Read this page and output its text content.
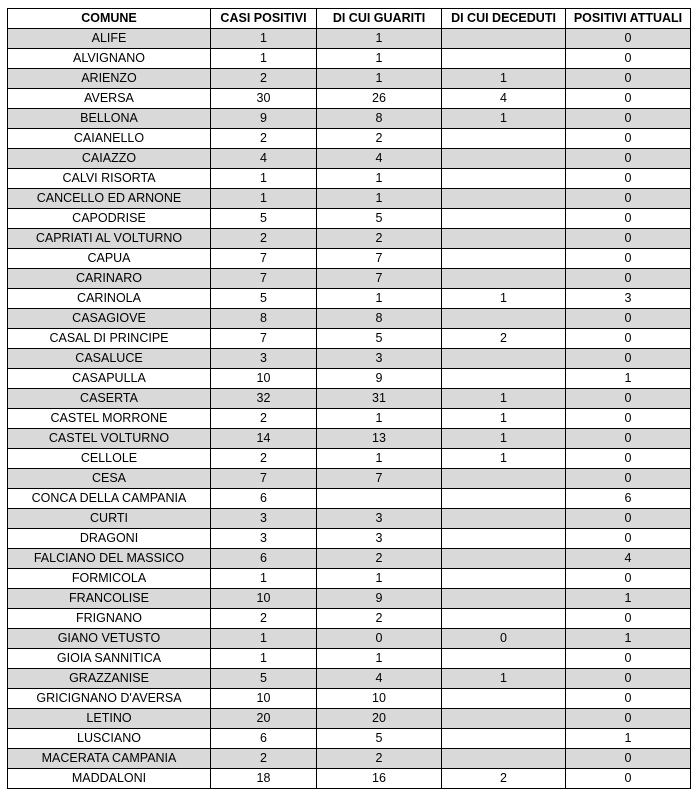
COMUNE	CASI POSITIVI	DI CUI GUARITI	DI CUI DECEDUTI	POSITIVI ATTUALI
ALIFE	1	1		0
ALVIGNANO	1	1		0
ARIENZO	2	1	1	0
AVERSA	30	26	4	0
BELLONA	9	8	1	0
CAIANELLO	2	2		0
CAIAZZO	4	4		0
CALVI RISORTA	1	1		0
CANCELLO ED ARNONE	1	1		0
CAPODRISE	5	5		0
CAPRIATI AL VOLTURNO	2	2		0
CAPUA	7	7		0
CARINARO	7	7		0
CARINOLA	5	1	1	3
CASAGIOVE	8	8		0
CASAL DI PRINCIPE	7	5	2	0
CASALUCE	3	3		0
CASAPULLA	10	9		1
CASERTA	32	31	1	0
CASTEL MORRONE	2	1	1	0
CASTEL VOLTURNO	14	13	1	0
CELLOLE	2	1	1	0
CESA	7	7		0
CONCA DELLA CAMPANIA	6			6
CURTI	3	3		0
DRAGONI	3	3		0
FALCIANO DEL MASSICO	6	2		4
FORMICOLA	1	1		0
FRANCOLISE	10	9		1
FRIGNANO	2	2		0
GIANO VETUSTO	1	0	0	1
GIOIA SANNITICA	1	1		0
GRAZZANISE	5	4	1	0
GRICIGNANO D'AVERSA	10	10		0
LETINO	20	20		0
LUSCIANO	6	5		1
MACERATA CAMPANIA	2	2		0
MADDALONI	18	16	2	0
